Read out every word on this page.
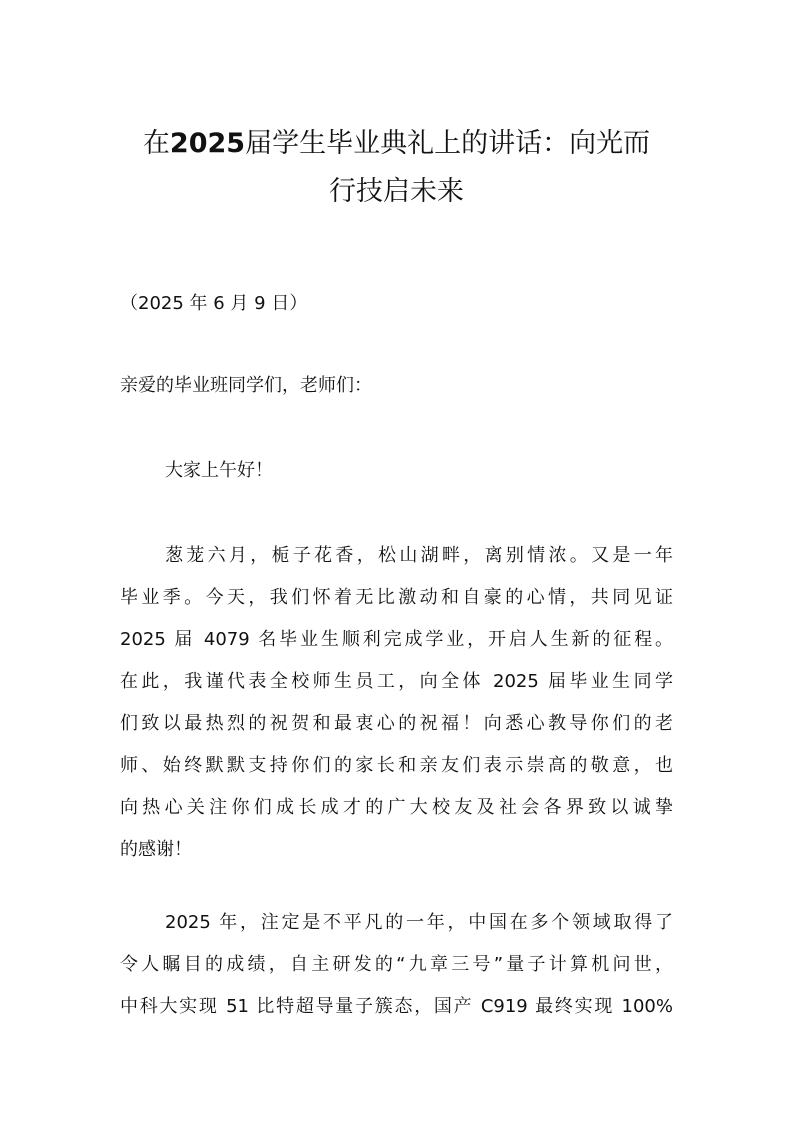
在2025届学生毕业典礼上的讲话：向光而
行技启未来
（2025 年 6 月 9 日）
亲爱的毕业班同学们，老师们：
大家上午好！
葱茏六月，栀子花香，松山湖畔，离别情浓。又是一年
毕业季。今天，我们怀着无比激动和自豪的心情，共同见证
2025 届 4079 名毕业生顺利完成学业，开启人生新的征程。
在此，我谨代表全校师生员工，向全体 2025 届毕业生同学
们致以最热烈的祝贺和最衷心的祝福！向悉心教导你们的老
师、始终默默支持你们的家长和亲友们表示崇高的敬意，也
向热心关注你们成长成才的广大校友及社会各界致以诚挚
的感谢！
2025 年，注定是不平凡的一年，中国在多个领域取得了
令人瞩目的成绩，自主研发的“九章三号”量子计算机问世，
中科大实现 51 比特超导量子簇态，国产 C919 最终实现 100%
